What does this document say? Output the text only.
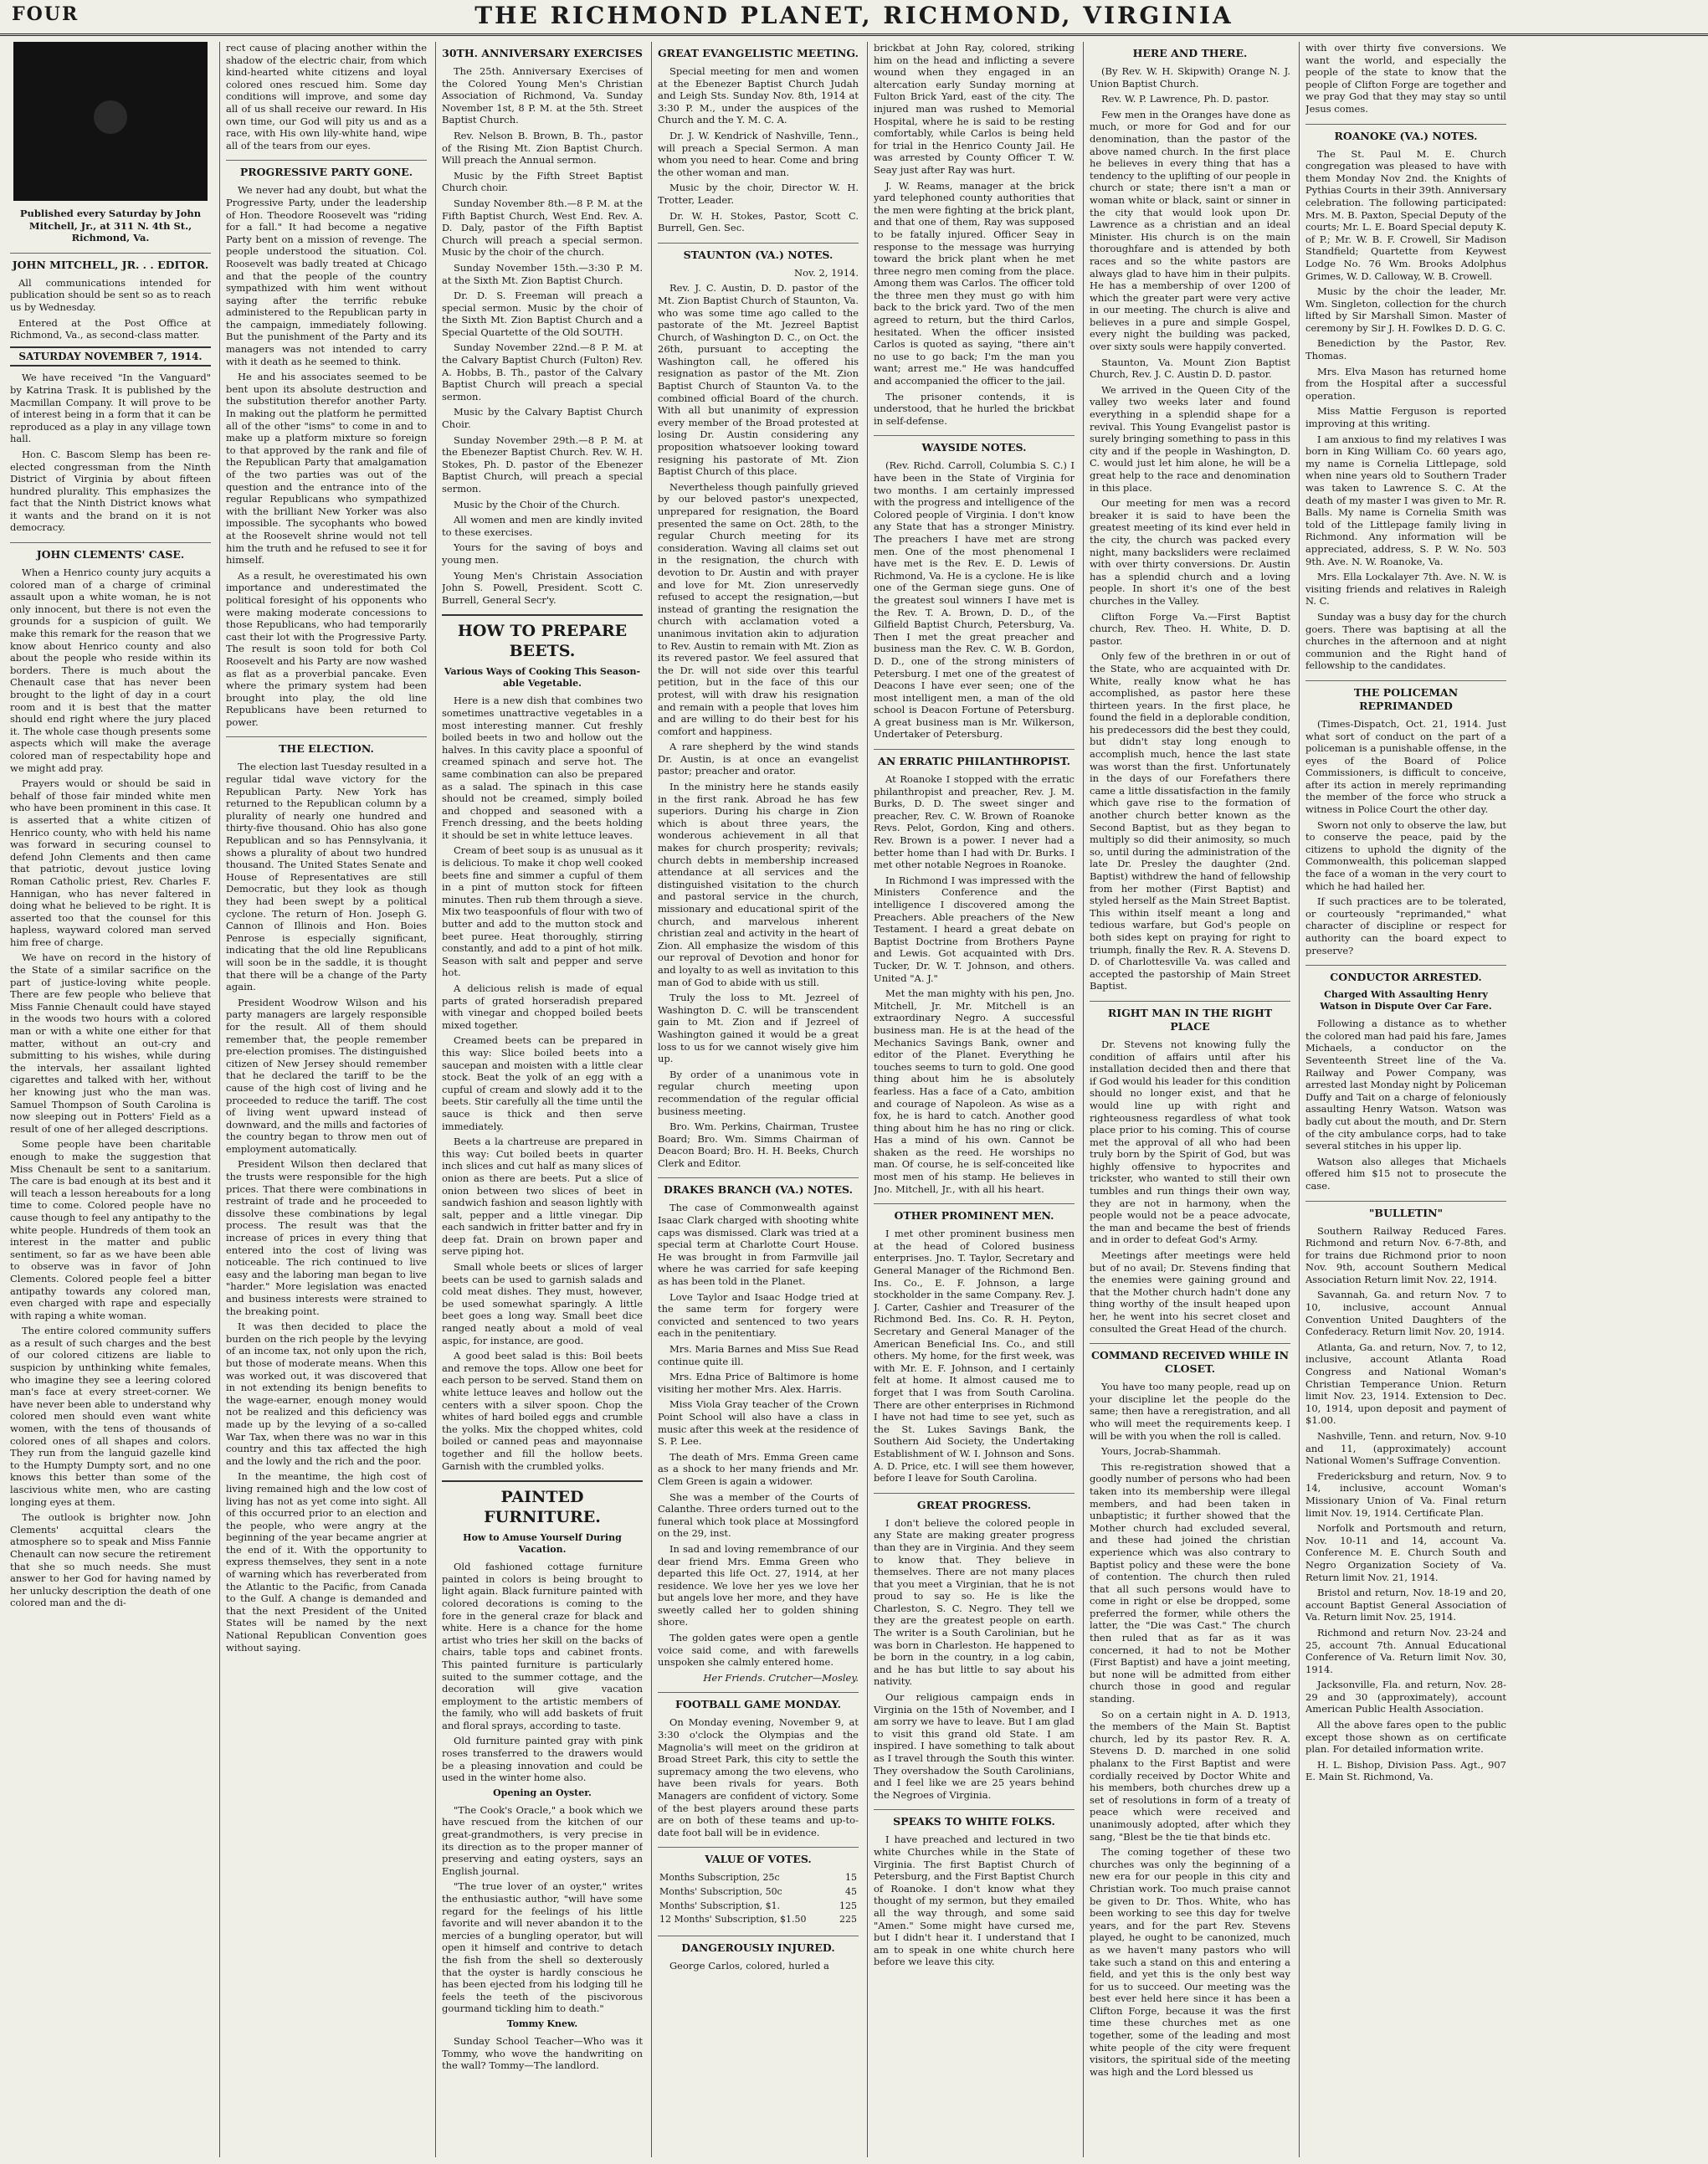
FOUR	THE RICHMOND PLANET, RICHMOND, VIRGINIA

Published every Saturday by John Mitchell, Jr., at 311 N. 4th St., Richmond, Va.

JOHN MITCHELL, JR. . . EDITOR.

All communications intended for publication should be sent so as to reach us by Wednesday.

Entered at the Post Office at Richmond, Va., as second-class matter.

SATURDAY NOVEMBER 7, 1914.

We have received "In the Vanguard" by Katrina Trask. It is published by the Macmillan Company. It will prove to be of interest being in a form that it can be reproduced as a play in any village town hall.

Hon. C. Bascom Slemp has been re-elected congressman from the Ninth District of Virginia by about fifteen hundred plurality. This emphasizes the fact that the Ninth District knows what it wants and the brand on it is not democracy.

JOHN CLEMENTS' CASE.

When a Henrico county jury acquits a colored man of a charge of criminal assault upon a white woman, he is not only innocent, but there is not even the grounds for a suspicion of guilt. We make this remark for the reason that we know about Henrico county and also about the people who reside within its borders. There is much about the Chenault case that has never been brought to the light of day in a court room and it is best that the matter should end right where the jury placed it. The whole case though presents some aspects which will make the average colored man of respectability hope and we might add pray.

Prayers would or should be said in behalf of those fair minded white men who have been prominent in this case. It is asserted that a white citizen of Henrico county, who with held his name was forward in securing counsel to defend John Clements and then came that patriotic, devout justice loving Roman Catholic priest, Rev. Charles F. Hannigan, who has never faltered in doing what he believed to be right. It is asserted too that the counsel for this hapless, wayward colored man served him free of charge.

We have on record in the history of the State of a similar sacrifice on the part of justice-loving white people. There are few people who believe that Miss Fannie Chenault could have stayed in the woods two hours with a colored man or with a white one either for that matter, without an out-cry and submitting to his wishes, while during the intervals, her assailant lighted cigarettes and talked with her, without her knowing just who the man was. Samuel Thompson of South Carolina is now sleeping out in Potters' Field as a result of one of her alleged descriptions.

Some people have been charitable enough to make the suggestion that Miss Chenault be sent to a sanitarium. The care is bad enough at its best and it will teach a lesson hereabouts for a long time to come. Colored people have no cause though to feel any antipathy to the white people. Hundreds of them took an interest in the matter and public sentiment, so far as we have been able to observe was in favor of John Clements. Colored people feel a bitter antipathy towards any colored man, even charged with rape and especially with raping a white woman.

The entire colored community suffers as a result of such charges and the best of our colored citizens are liable to suspicion by unthinking white females, who imagine they see a leering colored man's face at every street-corner. We have never been able to understand why colored men should even want white women, with the tens of thousands of colored ones of all shapes and colors. They run from the languid gazelle kind to the Humpty Dumpty sort, and no one knows this better than some of the lascivious white men, who are casting longing eyes at them.

The outlook is brighter now. John Clements' acquittal clears the atmosphere so to speak and Miss Fannie Chenault can now secure the retirement that she so much needs. She must answer to her God for having named by her unlucky description the death of one colored man and the di-

rect cause of placing another within the shadow of the electric chair, from which kind-hearted white citizens and loyal colored ones rescued him. Some day conditions will improve, and some day all of us shall receive our reward. In His own time, our God will pity us and as a race, with His own lily-white hand, wipe all of the tears from our eyes.

PROGRESSIVE PARTY GONE.

We never had any doubt, but what the Progressive Party, under the leadership of Hon. Theodore Roosevelt was "riding for a fall." It had become a negative Party bent on a mission of revenge. The people understood the situation. Col. Roosevelt was badly treated at Chicago and that the people of the country sympathized with him went without saying after the terrific rebuke administered to the Republican party in the campaign, immediately following. But the punishment of the Party and its managers was not intended to carry with it death as he seemed to think.

He and his associates seemed to be bent upon its absolute destruction and the substitution therefor another Party. In making out the platform he permitted all of the other "isms" to come in and to make up a platform mixture so foreign to that approved by the rank and file of the Republican Party that amalgamation of the two parties was out of the question and the entrance into of the regular Republicans who sympathized with the brilliant New Yorker was also impossible. The sycophants who bowed at the Roosevelt shrine would not tell him the truth and he refused to see it for himself.

As a result, he overestimated his own importance and underestimated the political foresight of his opponents who were making moderate concessions to those Republicans, who had temporarily cast their lot with the Progressive Party. The result is soon told for both Col Roosevelt and his Party are now washed as flat as a proverbial pancake. Even where the primary system had been brought into play, the old line Republicans have been returned to power.

THE ELECTION.

The election last Tuesday resulted in a regular tidal wave victory for the Republican Party. New York has returned to the Republican column by a plurality of nearly one hundred and thirty-five thousand. Ohio has also gone Republican and so has Pennsylvania, it shows a plurality of about two hundred thousand. The United States Senate and House of Representatives are still Democratic, but they look as though they had been swept by a political cyclone. The return of Hon. Joseph G. Cannon of Illinois and Hon. Boies Penrose is especially significant, indicating that the old line Republicans will soon be in the saddle, it is thought that there will be a change of the Party again.

President Woodrow Wilson and his party managers are largely responsible for the result. All of them should remember that, the people remember pre-election promises. The distinguished citizen of New Jersey should remember that he declared the tariff to be the cause of the high cost of living and he proceeded to reduce the tariff. The cost of living went upward instead of downward, and the mills and factories of the country began to throw men out of employment automatically.

President Wilson then declared that the trusts were responsible for the high prices. That there were combinations in restraint of trade and he proceeded to dissolve these combinations by legal process. The result was that the increase of prices in every thing that entered into the cost of living was noticeable. The rich continued to live easy and the laboring man began to live "harder." More legislation was enacted and business interests were strained to the breaking point.

It was then decided to place the burden on the rich people by the levying of an income tax, not only upon the rich, but those of moderate means. When this was worked out, it was discovered that in not extending its benign benefits to the wage-earner, enough money would not be realized and this deficiency was made up by the levying of a so-called War Tax, when there was no war in this country and this tax affected the high and the lowly and the rich and the poor.

In the meantime, the high cost of living remained high and the low cost of living has not as yet come into sight. All of this occurred prior to an election and the people, who were angry at the beginning of the year became angrier at the end of it. With the opportunity to express themselves, they sent in a note of warning which has reverberated from the Atlantic to the Pacific, from Canada to the Gulf. A change is demanded and that the next President of the United States will be named by the next National Republican Convention goes without saying.

30TH. ANNIVERSARY EXERCISES

The 25th. Anniversary Exercises of the Colored Young Men's Christian Association of Richmond, Va. Sunday November 1st, 8 P. M. at the 5th. Street Baptist Church.

Rev. Nelson B. Brown, B. Th., pastor of the Rising Mt. Zion Baptist Church. Will preach the Annual sermon.

Music by the Fifth Street Baptist Church choir.

Sunday November 8th.—8 P. M. at the Fifth Baptist Church, West End. Rev. A. D. Daly, pastor of the Fifth Baptist Church will preach a special sermon. Music by the choir of the church.

Sunday November 15th.—3:30 P. M. at the Sixth Mt. Zion Baptist Church.

Dr. D. S. Freeman will preach a special sermon. Music by the choir of the Sixth Mt. Zion Baptist Church and a Special Quartette of the Old SOUTH.

Sunday November 22nd.—8 P. M. at the Calvary Baptist Church (Fulton) Rev. A. Hobbs, B. Th., pastor of the Calvary Baptist Church will preach a special sermon.

Music by the Calvary Baptist Church Choir.

Sunday November 29th.—8 P. M. at the Ebenezer Baptist Church. Rev. W. H. Stokes, Ph. D. pastor of the Ebenezer Baptist Church, will preach a special sermon.

Music by the Choir of the Church.

All women and men are kindly invited to these exercises.

Yours for the saving of boys and young men.

Young Men's Christain Association John S. Powell, President. Scott C. Burrell, General Secr'y.

HOW TO PREPARE BEETS.
Various Ways of Cooking This Season-able Vegetable.

Here is a new dish that combines two sometimes unattractive vegetables in a most interesting manner. Cut freshly boiled beets in two and hollow out the halves. In this cavity place a spoonful of creamed spinach and serve hot. The same combination can also be prepared as a salad. The spinach in this case should not be creamed, simply boiled and chopped and seasoned with a French dressing, and the beets holding it should be set in white lettuce leaves.

Cream of beet soup is as unusual as it is delicious. To make it chop well cooked beets fine and simmer a cupful of them in a pint of mutton stock for fifteen minutes. Then rub them through a sieve. Mix two teaspoonfuls of flour with two of butter and add to the mutton stock and beet puree. Heat thoroughly, stirring constantly, and add to a pint of hot milk. Season with salt and pepper and serve hot.

A delicious relish is made of equal parts of grated horseradish prepared with vinegar and chopped boiled beets mixed together.

Creamed beets can be prepared in this way: Slice boiled beets into a saucepan and moisten with a little clear stock. Beat the yolk of an egg with a cupful of cream and slowly add it to the beets. Stir carefully all the time until the sauce is thick and then serve immediately.

Beets a la chartreuse are prepared in this way: Cut boiled beets in quarter inch slices and cut half as many slices of onion as there are beets. Put a slice of onion between two slices of beet in sandwich fashion and season lightly with salt, pepper and a little vinegar. Dip each sandwich in fritter batter and fry in deep fat. Drain on brown paper and serve piping hot.

Small whole beets or slices of larger beets can be used to garnish salads and cold meat dishes. They must, however, be used somewhat sparingly. A little beet goes a long way. Small beet dice ranged neatly about a mold of veal aspic, for instance, are good.

A good beet salad is this: Boil beets and remove the tops. Allow one beet for each person to be served. Stand them on white lettuce leaves and hollow out the centers with a silver spoon. Chop the whites of hard boiled eggs and crumble the yolks. Mix the chopped whites, cold boiled or canned peas and mayonnaise together and fill the hollow beets. Garnish with the crumbled yolks.

PAINTED FURNITURE.
How to Amuse Yourself During Vacation.

Old fashioned cottage furniture painted in colors is being brought to light again. Black furniture painted with colored decorations is coming to the fore in the general craze for black and white. Here is a chance for the home artist who tries her skill on the backs of chairs, table tops and cabinet fronts. This painted furniture is particularly suited to the summer cottage, and the decoration will give vacation employment to the artistic members of the family, who will add baskets of fruit and floral sprays, according to taste.

Old furniture painted gray with pink roses transferred to the drawers would be a pleasing innovation and could be used in the winter home also.

Opening an Oyster.

"The Cook's Oracle," a book which we have rescued from the kitchen of our great-grandmothers, is very precise in its direction as to the proper manner of preserving and eating oysters, says an English journal.

"The true lover of an oyster," writes the enthusiastic author, "will have some regard for the feelings of his little favorite and will never abandon it to the mercies of a bungling operator, but will open it himself and contrive to detach the fish from the shell so dexterously that the oyster is hardly conscious he has been ejected from his lodging till he feels the teeth of the piscivorous gourmand tickling him to death."

Tommy Knew.

Sunday School Teacher—Who was it Tommy, who wove the handwriting on the wall? Tommy—The landlord.

GREAT EVANGELISTIC MEETING.

Special meeting for men and women at the Ebenezer Baptist Church Judah and Leigh Sts. Sunday Nov. 8th, 1914 at 3:30 P. M., under the auspices of the Church and the Y. M. C. A.

Dr. J. W. Kendrick of Nashville, Tenn., will preach a Special Sermon. A man whom you need to hear. Come and bring the other woman and man.

Music by the choir, Director W. H. Trotter, Leader.

Dr. W. H. Stokes, Pastor, Scott C. Burrell, Gen. Sec.

STAUNTON (VA.) NOTES.

Nov. 2, 1914.

Rev. J. C. Austin, D. D. pastor of the Mt. Zion Baptist Church of Staunton, Va. who was some time ago called to the pastorate of the Mt. Jezreel Baptist Church, of Washington D. C., on Oct. the 26th, pursuant to accepting the Washington call, he offered his resignation as pastor of the Mt. Zion Baptist Church of Staunton Va. to the combined official Board of the church. With all but unanimity of expression every member of the Broad protested at losing Dr. Austin considering any proposition whatsoever looking toward resigning his pastorate of Mt. Zion Baptist Church of this place.

Nevertheless though painfully grieved by our beloved pastor's unexpected, unprepared for resignation, the Board presented the same on Oct. 28th, to the regular Church meeting for its consideration. Waving all claims set out in the resignation, the church with devotion to Dr. Austin and with prayer and love for Mt. Zion unreservedly refused to accept the resignation,—but instead of granting the resignation the church with acclamation voted a unanimous invitation akin to adjuration to Rev. Austin to remain with Mt. Zion as its revered pastor. We feel assured that the Dr. will not side over this tearful petition, but in the face of this our protest, will with draw his resignation and remain with a people that loves him and are willing to do their best for his comfort and happiness.

A rare shepherd by the wind stands Dr. Austin, is at once an evangelist pastor; preacher and orator.

In the ministry here he stands easily in the first rank. Abroad he has few superiors. During his charge in Zion which is about three years, the wonderous achievement in all that makes for church prosperity; revivals; church debts in membership increased attendance at all services and the distinguished visitation to the church and pastoral service in the church, missionary and educational spirit of the church, and marvelous inherent christian zeal and activity in the heart of Zion. All emphasize the wisdom of this our reproval of Devotion and honor for and loyalty to as well as invitation to this man of God to abide with us still.

Truly the loss to Mt. Jezreel of Washington D. C. will be transcendent gain to Mt. Zion and if Jezreel of Washington gained it would be a great loss to us for we cannot wisely give him up.

By order of a unanimous vote in regular church meeting upon recommendation of the regular official business meeting.

Bro. Wm. Perkins, Chairman, Trustee Board; Bro. Wm. Simms Chairman of Deacon Board; Bro. H. H. Beeks, Church Clerk and Editor.

DRAKES BRANCH (VA.) NOTES.

The case of Commonwealth against Isaac Clark charged with shooting white caps was dismissed. Clark was tried at a special term at Charlotte Court House. He was brought in from Farmville jail where he was carried for safe keeping as has been told in the Planet.

Love Taylor and Isaac Hodge tried at the same term for forgery were convicted and sentenced to two years each in the penitentiary.

Mrs. Maria Barnes and Miss Sue Read continue quite ill.

Mrs. Edna Price of Baltimore is home visiting her mother Mrs. Alex. Harris.

Miss Viola Gray teacher of the Crown Point School will also have a class in music after this week at the residence of S. P. Lee.

The death of Mrs. Emma Green came as a shock to her many friends and Mr. Clem Green is again a widower.

She was a member of the Courts of Calanthe. Three orders turned out to the funeral which took place at Mossingford on the 29, inst.

In sad and loving remembrance of our dear friend Mrs. Emma Green who departed this life Oct. 27, 1914, at her residence. We love her yes we love her but angels love her more, and they have sweetly called her to golden shining shore.

The golden gates were open a gentle voice said come, and with farewells unspoken she calmly entered home.

Her Friends. Crutcher—Mosley.

FOOTBALL GAME MONDAY.

On Monday evening, November 9, at 3:30 o'clock the Olympias and the Magnolia's will meet on the gridiron at Broad Street Park, this city to settle the supremacy among the two elevens, who have been rivals for years. Both Managers are confident of victory. Some of the best players around these parts are on both of these teams and up-to-date foot ball will be in evidence.

VALUE OF VOTES.
Months Subscription, 25c	15
Months' Subscription, 50c	45
Months' Subscription, $1.	125
12 Months' Subscription, $1.50	225
DANGEROUSLY INJURED.

George Carlos, colored, hurled a

brickbat at John Ray, colored, striking him on the head and inflicting a severe wound when they engaged in an altercation early Sunday morning at Fulton Brick Yard, east of the city. The injured man was rushed to Memorial Hospital, where he is said to be resting comfortably, while Carlos is being held for trial in the Henrico County Jail. He was arrested by County Officer T. W. Seay just after Ray was hurt.

J. W. Reams, manager at the brick yard telephoned county authorities that the men were fighting at the brick plant, and that one of them, Ray was supposed to be fatally injured. Officer Seay in response to the message was hurrying toward the brick plant when he met three negro men coming from the place. Among them was Carlos. The officer told the three men they must go with him back to the brick yard. Two of the men agreed to return, but the third Carlos, hesitated. When the officer insisted Carlos is quoted as saying, "there ain't no use to go back; I'm the man you want; arrest me." He was handcuffed and accompanied the officer to the jail.

The prisoner contends, it is understood, that he hurled the brickbat in self-defense.

WAYSIDE NOTES.

(Rev. Richd. Carroll, Columbia S. C.) I have been in the State of Virginia for two months. I am certainly impressed with the progress and intelligence of the Colored people of Virginia. I don't know any State that has a stronger Ministry. The preachers I have met are strong men. One of the most phenomenal I have met is the Rev. E. D. Lewis of Richmond, Va. He is a cyclone. He is like one of the German siege guns. One of the greatest soul winners I have met is the Rev. T. A. Brown, D. D., of the Gilfield Baptist Church, Petersburg, Va. Then I met the great preacher and business man the Rev. C. W. B. Gordon, D. D., one of the strong ministers of Petersburg. I met one of the greatest of Deacons I have ever seen; one of the most intelligent men, a man of the old school is Deacon Fortune of Petersburg. A great business man is Mr. Wilkerson, Undertaker of Petersburg.

AN ERRATIC PHILANTHROPIST.

At Roanoke I stopped with the erratic philanthropist and preacher, Rev. J. M. Burks, D. D. The sweet singer and preacher, Rev. C. W. Brown of Roanoke Revs. Pelot, Gordon, King and others. Rev. Brown is a power. I never had a better home than I had with Dr. Burks. I met other notable Negroes in Roanoke.

In Richmond I was impressed with the Ministers Conference and the intelligence I discovered among the Preachers. Able preachers of the New Testament. I heard a great debate on Baptist Doctrine from Brothers Payne and Lewis. Got acquainted with Drs. Tucker, Dr. W. T. Johnson, and others. United "A. J."

Met the man mighty with his pen, Jno. Mitchell, Jr. Mr. Mitchell is an extraordinary Negro. A successful business man. He is at the head of the Mechanics Savings Bank, owner and editor of the Planet. Everything he touches seems to turn to gold. One good thing about him he is absolutely fearless. Has a face of a Cato, ambition and courage of Napoleon. As wise as a fox, he is hard to catch. Another good thing about him he has no ring or click. Has a mind of his own. Cannot be shaken as the reed. He worships no man. Of course, he is self-conceited like most men of his stamp. He believes in Jno. Mitchell, Jr., with all his heart.

OTHER PROMINENT MEN.

I met other prominent business men at the head of Colored business enterprises. Jno. T. Taylor, Secretary and General Manager of the Richmond Ben. Ins. Co., E. F. Johnson, a large stockholder in the same Company. Rev. J. J. Carter, Cashier and Treasurer of the Richmond Bed. Ins. Co. R. H. Peyton, Secretary and General Manager of the American Beneficial Ins. Co., and still others. My home, for the first week, was with Mr. E. F. Johnson, and I certainly felt at home. It almost caused me to forget that I was from South Carolina. There are other enterprises in Richmond I have not had time to see yet, such as the St. Lukes Savings Bank, the Southern Aid Society, the Undertaking Establishment of W. I. Johnson and Sons. A. D. Price, etc. I will see them however, before I leave for South Carolina.

GREAT PROGRESS.

I don't believe the colored people in any State are making greater progress than they are in Virginia. And they seem to know that. They believe in themselves. There are not many places that you meet a Virginian, that he is not proud to say so. He is like the Charleston, S. C. Negro. They tell we they are the greatest people on earth. The writer is a South Carolinian, but he was born in Charleston. He happened to be born in the country, in a log cabin, and he has but little to say about his nativity.

Our religious campaign ends in Virginia on the 15th of November, and I am sorry we have to leave. But I am glad to visit this grand old State. I am inspired. I have something to talk about as I travel through the South this winter. They overshadow the South Carolinians, and I feel like we are 25 years behind the Negroes of Virginia.

SPEAKS TO WHITE FOLKS.

I have preached and lectured in two white Churches while in the State of Virginia. The first Baptist Church of Petersburg, and the First Baptist Church of Roanoke. I don't know what they thought of my sermon, but they emailed all the way through, and some said "Amen." Some might have cursed me, but I didn't hear it. I understand that I am to speak in one white church here before we leave this city.

HERE AND THERE.

(By Rev. W. H. Skipwith) Orange N. J. Union Baptist Church.

Rev. W. P. Lawrence, Ph. D. pastor.

Few men in the Oranges have done as much, or more for God and for our denomination, than the pastor of the above named church. In the first place he believes in every thing that has a tendency to the uplifting of our people in church or state; there isn't a man or woman white or black, saint or sinner in the city that would look upon Dr. Lawrence as a christian and an ideal Minister. His church is on the main thoroughfare and is attended by both races and so the white pastors are always glad to have him in their pulpits. He has a membership of over 1200 of which the greater part were very active in our meeting. The church is alive and believes in a pure and simple Gospel, every night the building was packed, over sixty souls were happily converted.

Staunton, Va. Mount Zion Baptist Church, Rev. J. C. Austin D. D. pastor.

We arrived in the Queen City of the valley two weeks later and found everything in a splendid shape for a revival. This Young Evangelist pastor is surely bringing something to pass in this city and if the people in Washington, D. C. would just let him alone, he will be a great help to the race and denomination in this place.

Our meeting for men was a record breaker it is said to have been the greatest meeting of its kind ever held in the city, the church was packed every night, many backsliders were reclaimed with over thirty conversions. Dr. Austin has a splendid church and a loving people. In short it's one of the best churches in the Valley.

Clifton Forge Va.—First Baptist church, Rev. Theo. H. White, D. D. pastor.

Only few of the brethren in or out of the State, who are acquainted with Dr. White, really know what he has accomplished, as pastor here these thirteen years. In the first place, he found the field in a deplorable condition, his predecessors did the best they could, but didn't stay long enough to accomplish much, hence the last state was worst than the first. Unfortunately in the days of our Forefathers there came a little dissatisfaction in the family which gave rise to the formation of another church better known as the Second Baptist, but as they began to multiply so did their animosity, so much so, until during the administration of the late Dr. Presley the daughter (2nd. Baptist) withdrew the hand of fellowship from her mother (First Baptist) and styled herself as the Main Street Baptist. This within itself meant a long and tedious warfare, but God's people on both sides kept on praying for right to triumph, finally the Rev. R. A. Stevens D. D. of Charlottesville Va. was called and accepted the pastorship of Main Street Baptist.

RIGHT MAN IN THE RIGHT PLACE

Dr. Stevens not knowing fully the condition of affairs until after his installation decided then and there that if God would his leader for this condition should no longer exist, and that he would line up with right and righteousness regardless of what took place prior to his coming. This of course met the approval of all who had been truly born by the Spirit of God, but was highly offensive to hypocrites and trickster, who wanted to still their own tumbles and run things their own way, they are not in harmony, when the people would not be a peace advocate, the man and became the best of friends and in order to defeat God's Army.

Meetings after meetings were held but of no avail; Dr. Stevens finding that the enemies were gaining ground and that the Mother church hadn't done any thing worthy of the insult heaped upon her, he went into his secret closet and consulted the Great Head of the church.

COMMAND RECEIVED WHILE IN CLOSET.

You have too many people, read up on your discipline let the people do the same; then have a reregistration, and all who will meet the requirements keep. I will be with you when the roll is called.

Yours, Jocrab-Shammah.

This re-registration showed that a goodly number of persons who had been taken into its membership were illegal members, and had been taken in unbaptistic; it further showed that the Mother church had excluded several, and these had joined the christian experience which was also contrary to Baptist policy and these were the bone of contention. The church then ruled that all such persons would have to come in right or else be dropped, some preferred the former, while others the latter, the "Die was Cast." The church then ruled that as far as it was concerned, it had to not be Mother (First Baptist) and have a joint meeting, but none will be admitted from either church those in good and regular standing.

So on a certain night in A. D. 1913, the members of the Main St. Baptist church, led by its pastor Rev. R. A. Stevens D. D. marched in one solid phalanx to the First Baptist and were cordially received by Doctor White and his members, both churches drew up a set of resolutions in form of a treaty of peace which were received and unanimously adopted, after which they sang, "Blest be the tie that binds etc.

The coming together of these two churches was only the beginning of a new era for our people in this city and Christian work. Too much praise cannot be given to Dr. Thos. White, who has been working to see this day for twelve years, and for the part Rev. Stevens played, he ought to be canonized, much as we haven't many pastors who will take such a stand on this and entering a field, and yet this is the only best way for us to succeed. Our meeting was the best ever held here since it has been a Clifton Forge, because it was the first time these churches met as one together, some of the leading and most white people of the city were frequent visitors, the spiritual side of the meeting was high and the Lord blessed us

with over thirty five conversions. We want the world, and especially the people of the state to know that the people of Clifton Forge are together and we pray God that they may stay so until Jesus comes.

ROANOKE (VA.) NOTES.

The St. Paul M. E. Church congregation was pleased to have with them Monday Nov 2nd. the Knights of Pythias Courts in their 39th. Anniversary celebration. The following participated: Mrs. M. B. Paxton, Special Deputy of the courts; Mr. L. E. Board Special deputy K. of P.; Mr. W. B. F. Crowell, Sir Madison Standfield; Quartette from Keywest Lodge No. 76 Wm. Brooks Adolphus Grimes, W. D. Calloway, W. B. Crowell.

Music by the choir the leader, Mr. Wm. Singleton, collection for the church lifted by Sir Marshall Simon. Master of ceremony by Sir J. H. Fowlkes D. D. G. C.

Benediction by the Pastor, Rev. Thomas.

Mrs. Elva Mason has returned home from the Hospital after a successful operation.

Miss Mattie Ferguson is reported improving at this writing.

I am anxious to find my relatives I was born in King William Co. 60 years ago, my name is Cornelia Littlepage, sold when nine years old to Southern Trader was taken to Lawrence S. C. At the death of my master I was given to Mr. R. Balls. My name is Cornelia Smith was told of the Littlepage family living in Richmond. Any information will be appreciated, address, S. P. W. No. 503 9th. Ave. N. W. Roanoke, Va.

Mrs. Ella Lockalayer 7th. Ave. N. W. is visiting friends and relatives in Raleigh N. C.

Sunday was a busy day for the church goers. There was baptising at all the churches in the afternoon and at night communion and the Right hand of fellowship to the candidates.

THE POLICEMAN REPRIMANDED

(Times-Dispatch, Oct. 21, 1914. Just what sort of conduct on the part of a policeman is a punishable offense, in the eyes of the Board of Police Commissioners, is difficult to conceive, after its action in merely reprimanding the member of the force who struck a witness in Police Court the other day.

Sworn not only to observe the law, but to conserve the peace, paid by the citizens to uphold the dignity of the Commonwealth, this policeman slapped the face of a woman in the very court to which he had hailed her.

If such practices are to be tolerated, or courteously "reprimanded," what character of discipline or respect for authority can the board expect to preserve?

CONDUCTOR ARRESTED.
Charged With Assaulting Henry Watson in Dispute Over Car Fare.

Following a distance as to whether the colored man had paid his fare, James Michaels, a conductor on the Seventeenth Street line of the Va. Railway and Power Company, was arrested last Monday night by Policeman Duffy and Tait on a charge of feloniously assaulting Henry Watson. Watson was badly cut about the mouth, and Dr. Stern of the city ambulance corps, had to take several stitches in his upper lip.

Watson also alleges that Michaels offered him $15 not to prosecute the case.

"BULLETIN"

Southern Railway Reduced Fares. Richmond and return Nov. 6-7-8th, and for trains due Richmond prior to noon Nov. 9th, account Southern Medical Association Return limit Nov. 22, 1914.

Savannah, Ga. and return Nov. 7 to 10, inclusive, account Annual Convention United Daughters of the Confederacy. Return limit Nov. 20, 1914.

Atlanta, Ga. and return, Nov. 7, to 12, inclusive, account Atlanta Road Congress and National Woman's Christian Temperance Union. Return limit Nov. 23, 1914. Extension to Dec. 10, 1914, upon deposit and payment of $1.00.

Nashville, Tenn. and return, Nov. 9-10 and 11, (approximately) account National Women's Suffrage Convention.

Fredericksburg and return, Nov. 9 to 14, inclusive, account Woman's Missionary Union of Va. Final return limit Nov. 19, 1914. Certificate Plan.

Norfolk and Portsmouth and return, Nov. 10-11 and 14, account Va. Conference M. E. Church South and Negro Organization Society of Va. Return limit Nov. 21, 1914.

Bristol and return, Nov. 18-19 and 20, account Baptist General Association of Va. Return limit Nov. 25, 1914.

Richmond and return Nov. 23-24 and 25, account 7th. Annual Educational Conference of Va. Return limit Nov. 30, 1914.

Jacksonville, Fla. and return, Nov. 28-29 and 30 (approximately), account American Public Health Association.

All the above fares open to the public except those shown as on certificate plan. For detailed information write.

H. L. Bishop, Division Pass. Agt., 907 E. Main St. Richmond, Va.
